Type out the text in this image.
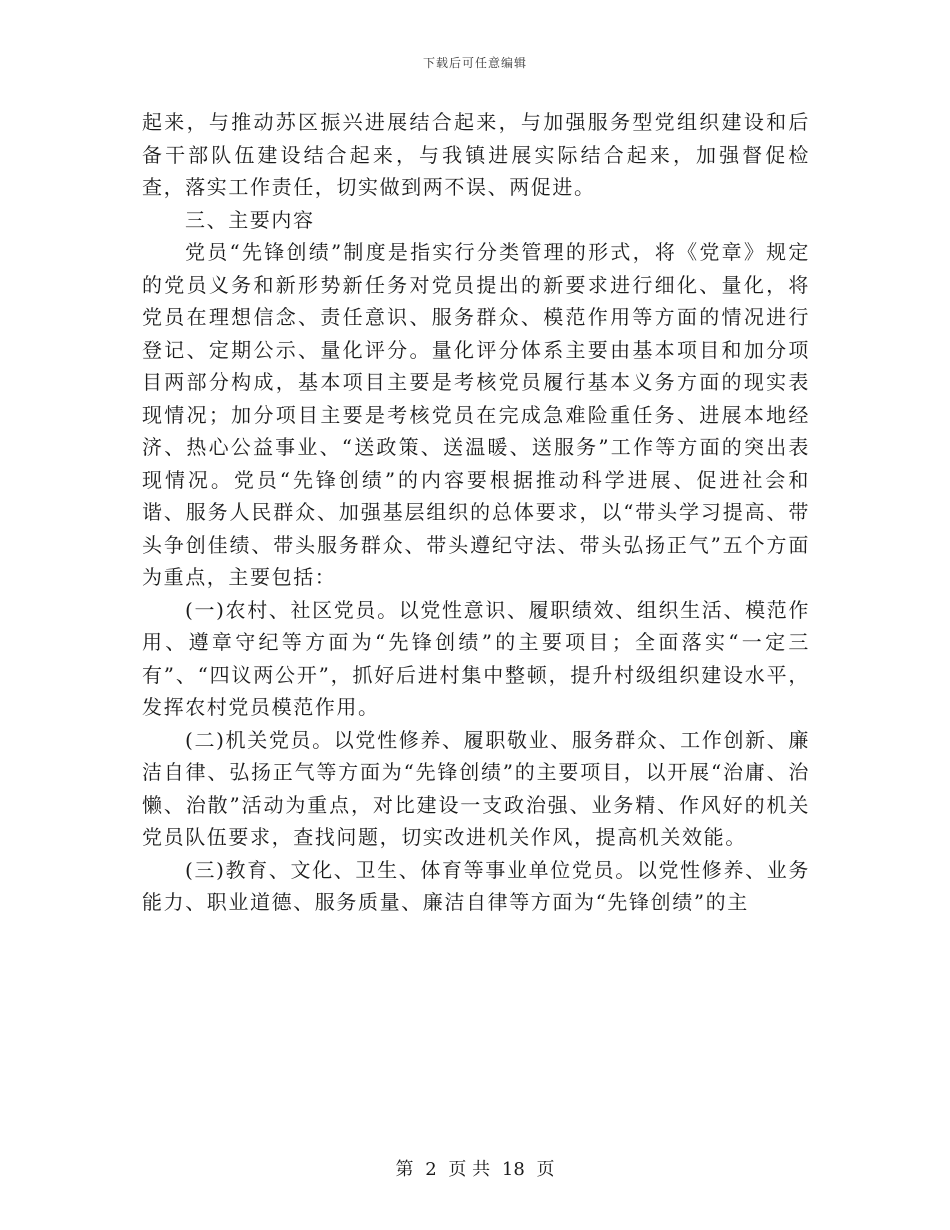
下载后可任意编辑

起来，与推动苏区振兴进展结合起来，与加强服务型党组织建设和后备干部队伍建设结合起来，与我镇进展实际结合起来，加强督促检查，落实工作责任，切实做到两不误、两促进。

三、主要内容

党员“先锋创绩”制度是指实行分类管理的形式，将《党章》规定的党员义务和新形势新任务对党员提出的新要求进行细化、量化，将党员在理想信念、责任意识、服务群众、模范作用等方面的情况进行登记、定期公示、量化评分。量化评分体系主要由基本项目和加分项目两部分构成，基本项目主要是考核党员履行基本义务方面的现实表现情况；加分项目主要是考核党员在完成急难险重任务、进展本地经济、热心公益事业、“送政策、送温暖、送服务”工作等方面的突出表现情况。党员“先锋创绩”的内容要根据推动科学进展、促进社会和谐、服务人民群众、加强基层组织的总体要求，以“带头学习提高、带头争创佳绩、带头服务群众、带头遵纪守法、带头弘扬正气”五个方面为重点，主要包括：

(一)农村、社区党员。以党性意识、履职绩效、组织生活、模范作用、遵章守纪等方面为“先锋创绩”的主要项目；全面落实“一定三有”、“四议两公开”，抓好后进村集中整顿，提升村级组织建设水平，发挥农村党员模范作用。

(二)机关党员。以党性修养、履职敬业、服务群众、工作创新、廉洁自律、弘扬正气等方面为“先锋创绩”的主要项目，以开展“治庸、治懒、治散”活动为重点，对比建设一支政治强、业务精、作风好的机关党员队伍要求，查找问题，切实改进机关作风，提高机关效能。

(三)教育、文化、卫生、体育等事业单位党员。以党性修养、业务能力、职业道德、服务质量、廉洁自律等方面为“先锋创绩”的主

第 2 页 共 18 页
